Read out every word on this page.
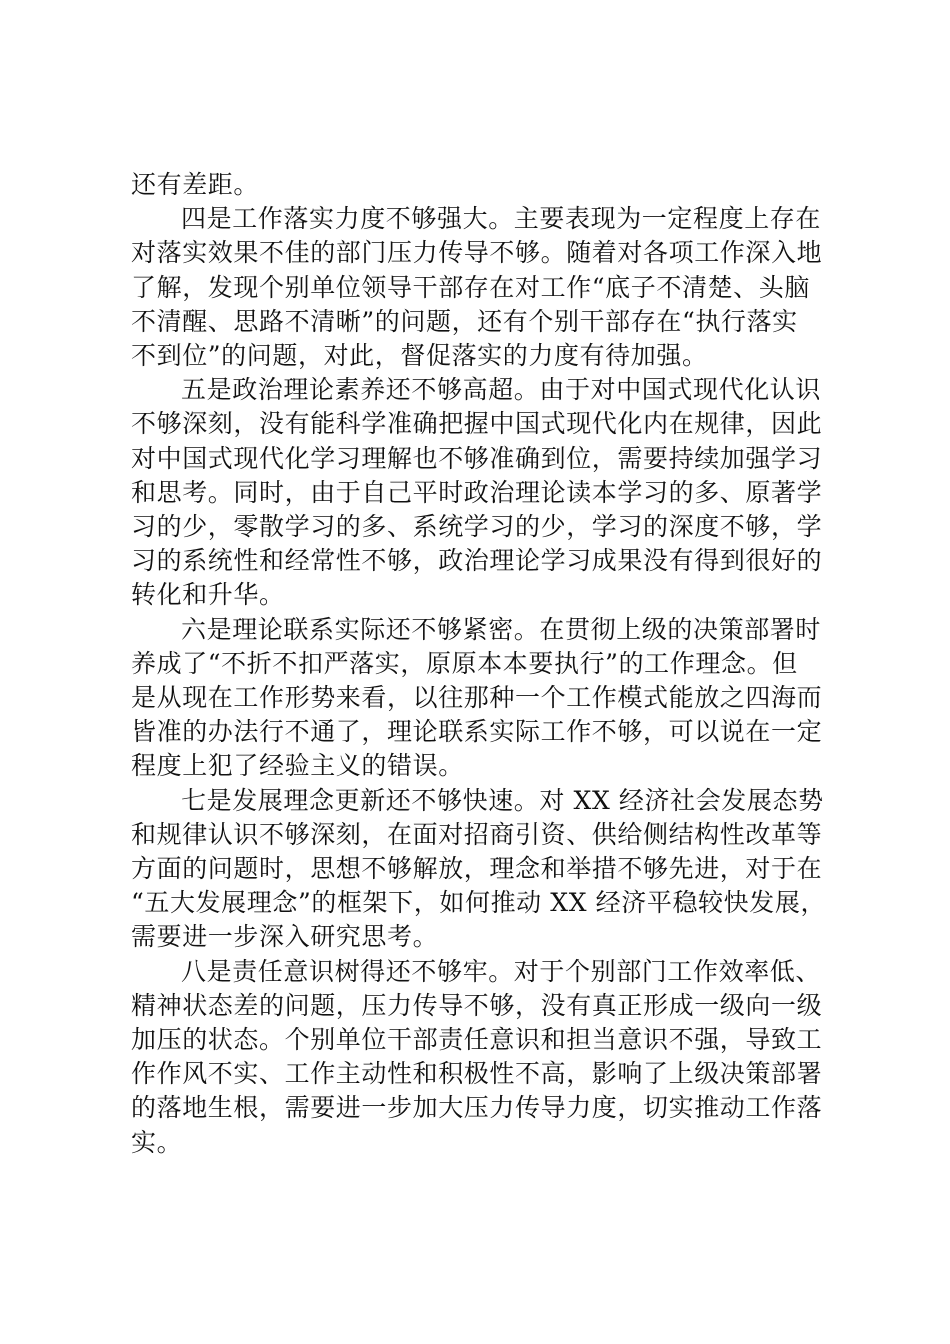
还有差距。

四是工作落实力度不够强大。主要表现为一定程度上存在
对落实效果不佳的部门压力传导不够。随着对各项工作深入地
了解，发现个别单位领导干部存在对工作“底子不清楚、头脑
不清醒、思路不清晰”的问题，还有个别干部存在“执行落实
不到位”的问题，对此，督促落实的力度有待加强。

五是政治理论素养还不够高超。由于对中国式现代化认识
不够深刻，没有能科学准确把握中国式现代化内在规律，因此
对中国式现代化学习理解也不够准确到位，需要持续加强学习
和思考。同时，由于自己平时政治理论读本学习的多、原著学
习的少，零散学习的多、系统学习的少，学习的深度不够，学
习的系统性和经常性不够，政治理论学习成果没有得到很好的
转化和升华。

六是理论联系实际还不够紧密。在贯彻上级的决策部署时
养成了“不折不扣严落实，原原本本要执行”的工作理念。但
是从现在工作形势来看，以往那种一个工作模式能放之四海而
皆准的办法行不通了，理论联系实际工作不够，可以说在一定
程度上犯了经验主义的错误。

七是发展理念更新还不够快速。对 XX 经济社会发展态势
和规律认识不够深刻，在面对招商引资、供给侧结构性改革等
方面的问题时，思想不够解放，理念和举措不够先进，对于在
“五大发展理念”的框架下，如何推动 XX 经济平稳较快发展，
需要进一步深入研究思考。

八是责任意识树得还不够牢。对于个别部门工作效率低、
精神状态差的问题，压力传导不够，没有真正形成一级向一级
加压的状态。个别单位干部责任意识和担当意识不强，导致工
作作风不实、工作主动性和积极性不高，影响了上级决策部署
的落地生根，需要进一步加大压力传导力度，切实推动工作落
实。
